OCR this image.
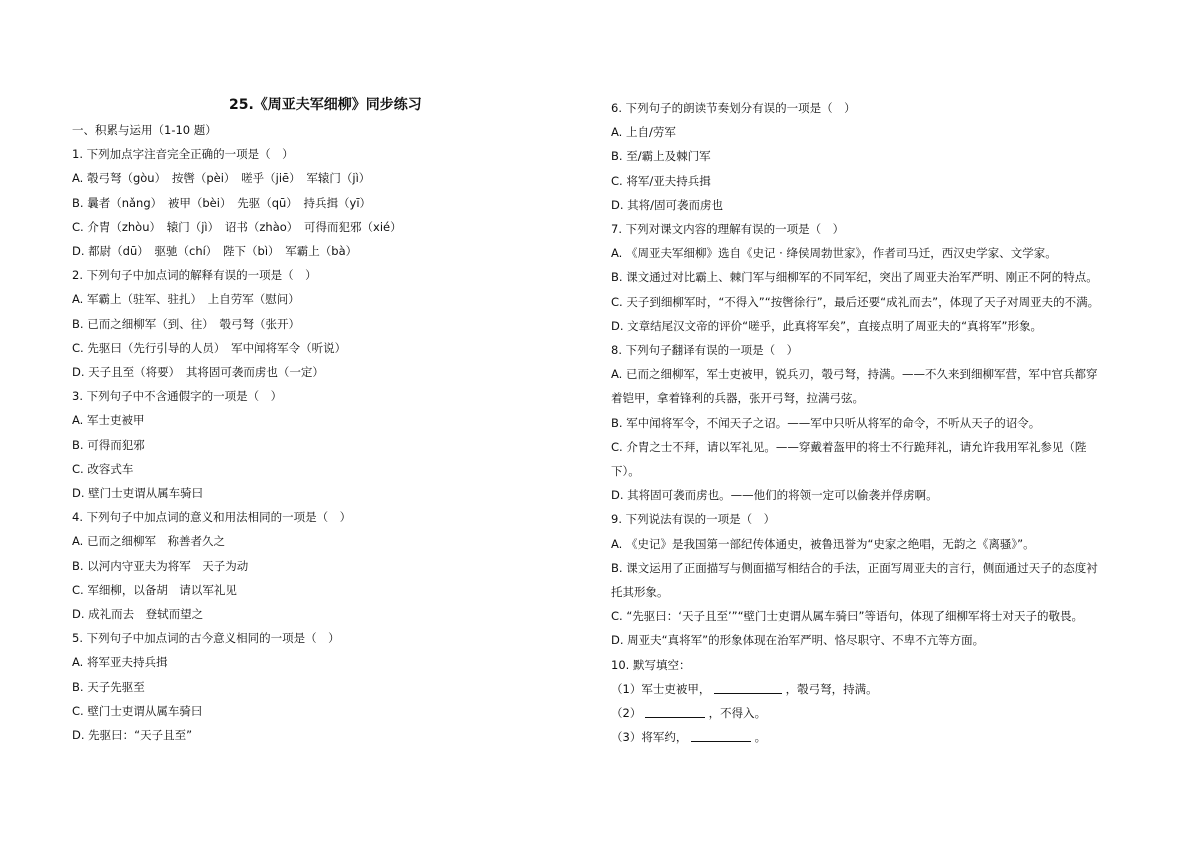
25.《周亚夫军细柳》同步练习
一、积累与运用（1-10 题）
1. 下列加点字注音完全正确的一项是（　）
A. 彀弓弩（gòu）　按辔（pèi）　嗟乎（jiē）　军辕门（jì）
B. 曩者（nǎng）　被甲（bèi）　先驱（qū）　持兵揖（yī）
C. 介胄（zhòu）　辕门（jì）　诏书（zhào）　可得而犯邪（xié）
D. 都尉（dū）　驱驰（chí）　陛下（bì）　军霸上（bà）
2. 下列句子中加点词的解释有误的一项是（　）
A. 军霸上（驻军、驻扎）　上自劳军（慰问）
B. 已而之细柳军（到、往）　彀弓弩（张开）
C. 先驱曰（先行引导的人员）　军中闻将军令（听说）
D. 天子且至（将要）　其将固可袭而虏也（一定）
3. 下列句子中不含通假字的一项是（　）
A. 军士吏被甲
B. 可得而犯邪
C. 改容式车
D. 壁门士吏谓从属车骑曰
4. 下列句子中加点词的意义和用法相同的一项是（　）
A. 已而之细柳军　称善者久之
B. 以河内守亚夫为将军　天子为动
C. 军细柳，以备胡　请以军礼见
D. 成礼而去　登轼而望之
5. 下列句子中加点词的古今意义相同的一项是（　）
A. 将军亚夫持兵揖
B. 天子先驱至
C. 壁门士吏谓从属车骑曰
D. 先驱曰：“天子且至”
6. 下列句子的朗读节奏划分有误的一项是（　）
A. 上自/劳军
B. 至/霸上及棘门军
C. 将军/亚夫持兵揖
D. 其将/固可袭而虏也
7. 下列对课文内容的理解有误的一项是（　）
A. 《周亚夫军细柳》选自《史记 · 绛侯周勃世家》，作者司马迁，西汉史学家、文学家。
B. 课文通过对比霸上、棘门军与细柳军的不同军纪，突出了周亚夫治军严明、刚正不阿的特点。
C. 天子到细柳军时，“不得入”“按辔徐行”，最后还要“成礼而去”，体现了天子对周亚夫的不满。
D. 文章结尾汉文帝的评价“嗟乎，此真将军矣”，直接点明了周亚夫的“真将军”形象。
8. 下列句子翻译有误的一项是（　）
A. 已而之细柳军，军士吏被甲，锐兵刃，彀弓弩，持满。——不久来到细柳军营，军中官兵都穿
着铠甲，拿着锋利的兵器，张开弓弩，拉满弓弦。
B. 军中闻将军令，不闻天子之诏。——军中只听从将军的命令，不听从天子的诏令。
C. 介胄之士不拜，请以军礼见。——穿戴着盔甲的将士不行跪拜礼，请允许我用军礼参见（陛
下）。
D. 其将固可袭而虏也。——他们的将领一定可以偷袭并俘虏啊。
9. 下列说法有误的一项是（　）
A. 《史记》是我国第一部纪传体通史，被鲁迅誉为“史家之绝唱，无韵之《离骚》”。
B. 课文运用了正面描写与侧面描写相结合的手法，正面写周亚夫的言行，侧面通过天子的态度衬
托其形象。
C. “先驱曰：‘天子且至’”“壁门士吏谓从属车骑曰”等语句，体现了细柳军将士对天子的敬畏。
D. 周亚夫“真将军”的形象体现在治军严明、恪尽职守、不卑不亢等方面。
10. 默写填空：
（1）军士吏被甲，	，彀弓弩，持满。
（2）	，不得入。
（3）将军约，	。
